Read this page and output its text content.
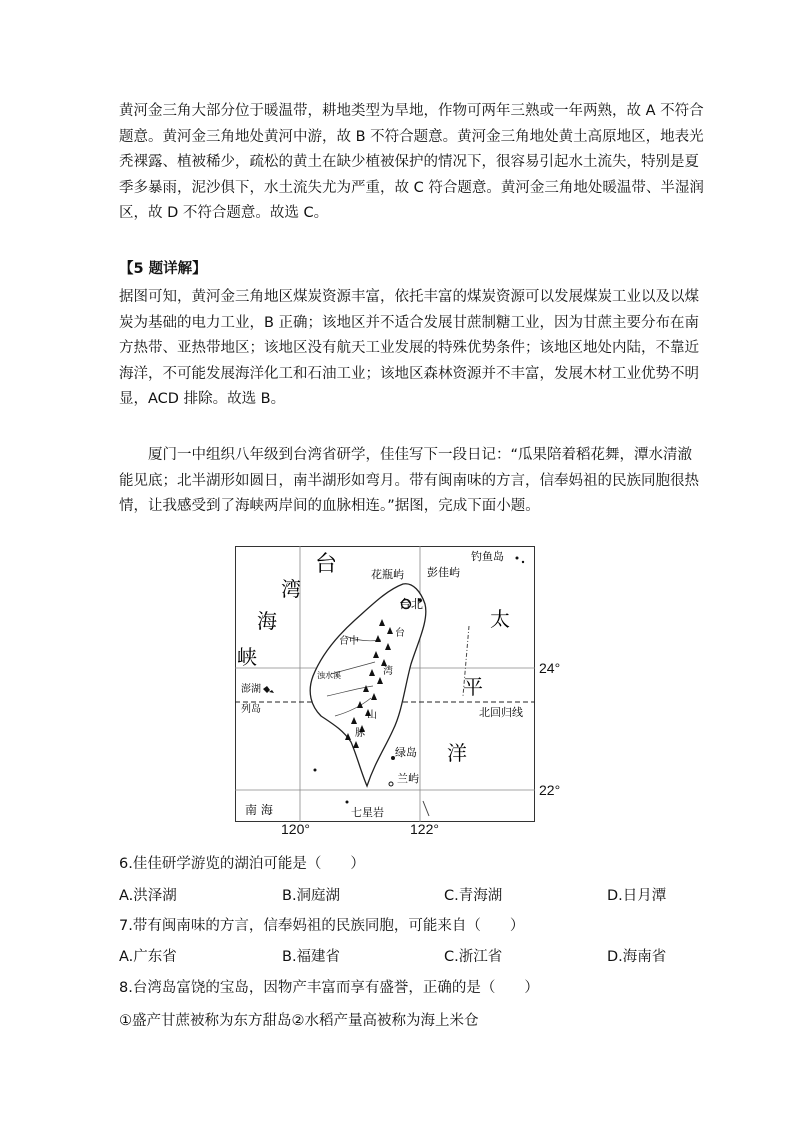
黄河金三角大部分位于暖温带，耕地类型为旱地，作物可两年三熟或一年两熟，故 A 不符合
题意。黄河金三角地处黄河中游，故 B 不符合题意。黄河金三角地处黄土高原地区，地表光
秃裸露、植被稀少，疏松的黄土在缺少植被保护的情况下，很容易引起水土流失，特别是夏
季多暴雨，泥沙俱下，水土流失尤为严重，故 C 符合题意。黄河金三角地处暖温带、半湿润
区，故 D 不符合题意。故选 C。
【5 题详解】
据图可知，黄河金三角地区煤炭资源丰富，依托丰富的煤炭资源可以发展煤炭工业以及以煤
炭为基础的电力工业，B 正确；该地区并不适合发展甘蔗制糖工业，因为甘蔗主要分布在南
方热带、亚热带地区；该地区没有航天工业发展的特殊优势条件；该地区地处内陆，不靠近
海洋，不可能发展海洋化工和石油工业；该地区森林资源并不丰富，发展木材工业优势不明
显，ACD 排除。故选 B。
厦门一中组织八年级到台湾省研学，佳佳写下一段日记：“瓜果陪着稻花舞，潭水清澈
能见底；北半湖形如圆日，南半湖形如弯月。带有闽南味的方言，信奉妈祖的民族同胞很热
情，让我感受到了海峡两岸间的血脉相连。”据图，完成下面小题。
台
湾
海
峡
太
平
洋
南 海
钓鱼岛
花瓶屿 彭佳屿
台北
台中
浊水溪
澎湖
列岛
绿岛
兰屿
七星岩
北回归线
台
湾
山
脉
24°
22°
120°	122°
6.佳佳研学游览的湖泊可能是（　　）
A.洪泽湖	B.洞庭湖	C.青海湖	D.日月潭
7.带有闽南味的方言，信奉妈祖的民族同胞，可能来自（　　）
A.广东省	B.福建省	C.浙江省	D.海南省
8.台湾岛富饶的宝岛，因物产丰富而享有盛誉，正确的是（　　）
①盛产甘蔗被称为东方甜岛②水稻产量高被称为海上米仓
